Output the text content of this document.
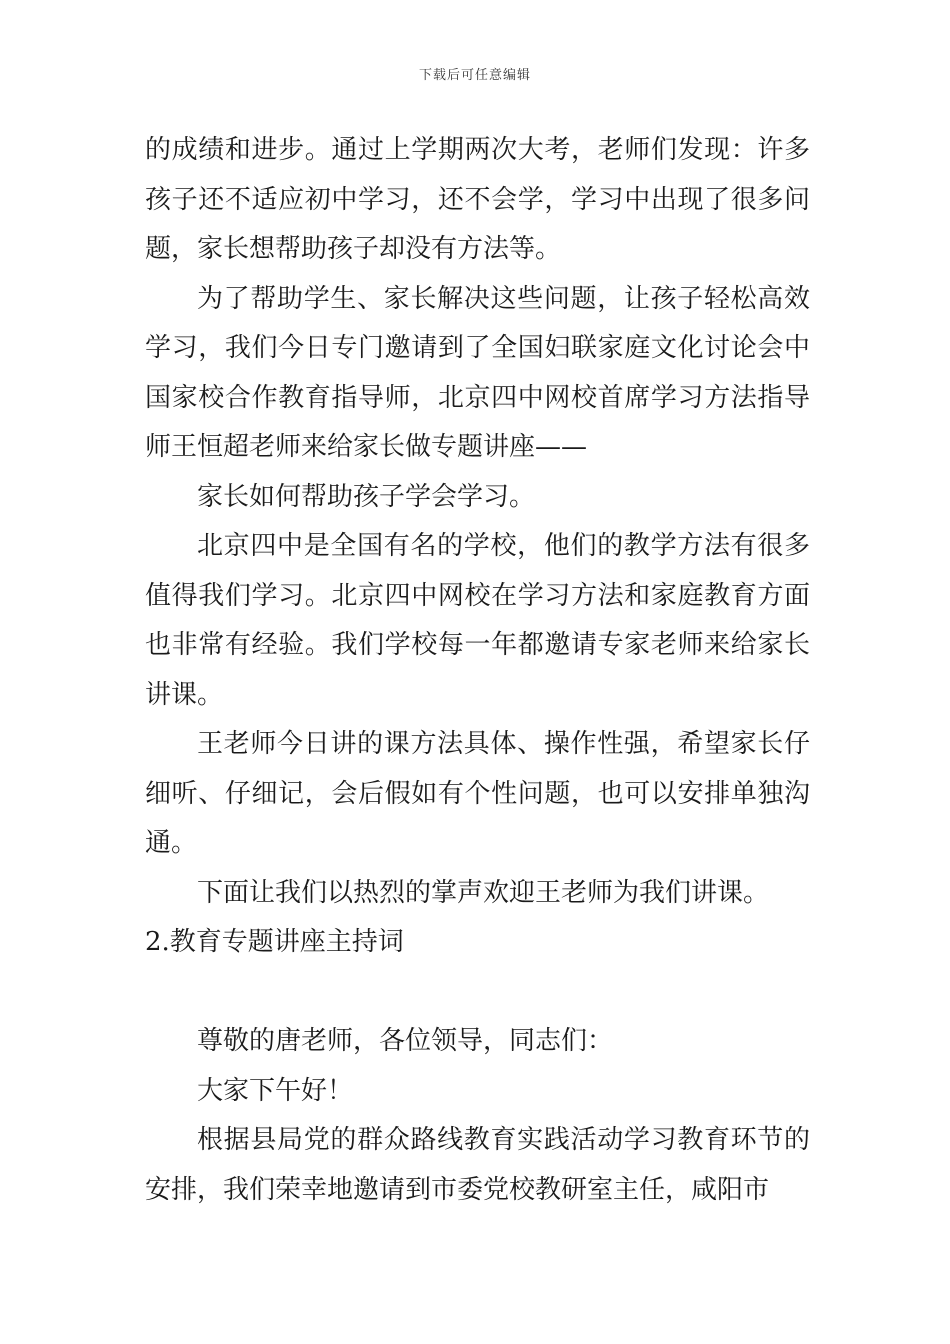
下载后可任意编辑

的成绩和进步。通过上学期两次大考，老师们发现：许多孩子还不适应初中学习，还不会学，学习中出现了很多问题，家长想帮助孩子却没有方法等。

为了帮助学生、家长解决这些问题，让孩子轻松高效学习，我们今日专门邀请到了全国妇联家庭文化讨论会中国家校合作教育指导师，北京四中网校首席学习方法指导师王恒超老师来给家长做专题讲座——

家长如何帮助孩子学会学习。

北京四中是全国有名的学校，他们的教学方法有很多值得我们学习。北京四中网校在学习方法和家庭教育方面也非常有经验。我们学校每一年都邀请专家老师来给家长讲课。

王老师今日讲的课方法具体、操作性强，希望家长仔细听、仔细记，会后假如有个性问题，也可以安排单独沟通。

下面让我们以热烈的掌声欢迎王老师为我们讲课。

2.教育专题讲座主持词

尊敬的唐老师，各位领导，同志们：

大家下午好！

根据县局党的群众路线教育实践活动学习教育环节的安排，我们荣幸地邀请到市委党校教研室主任，咸阳市
